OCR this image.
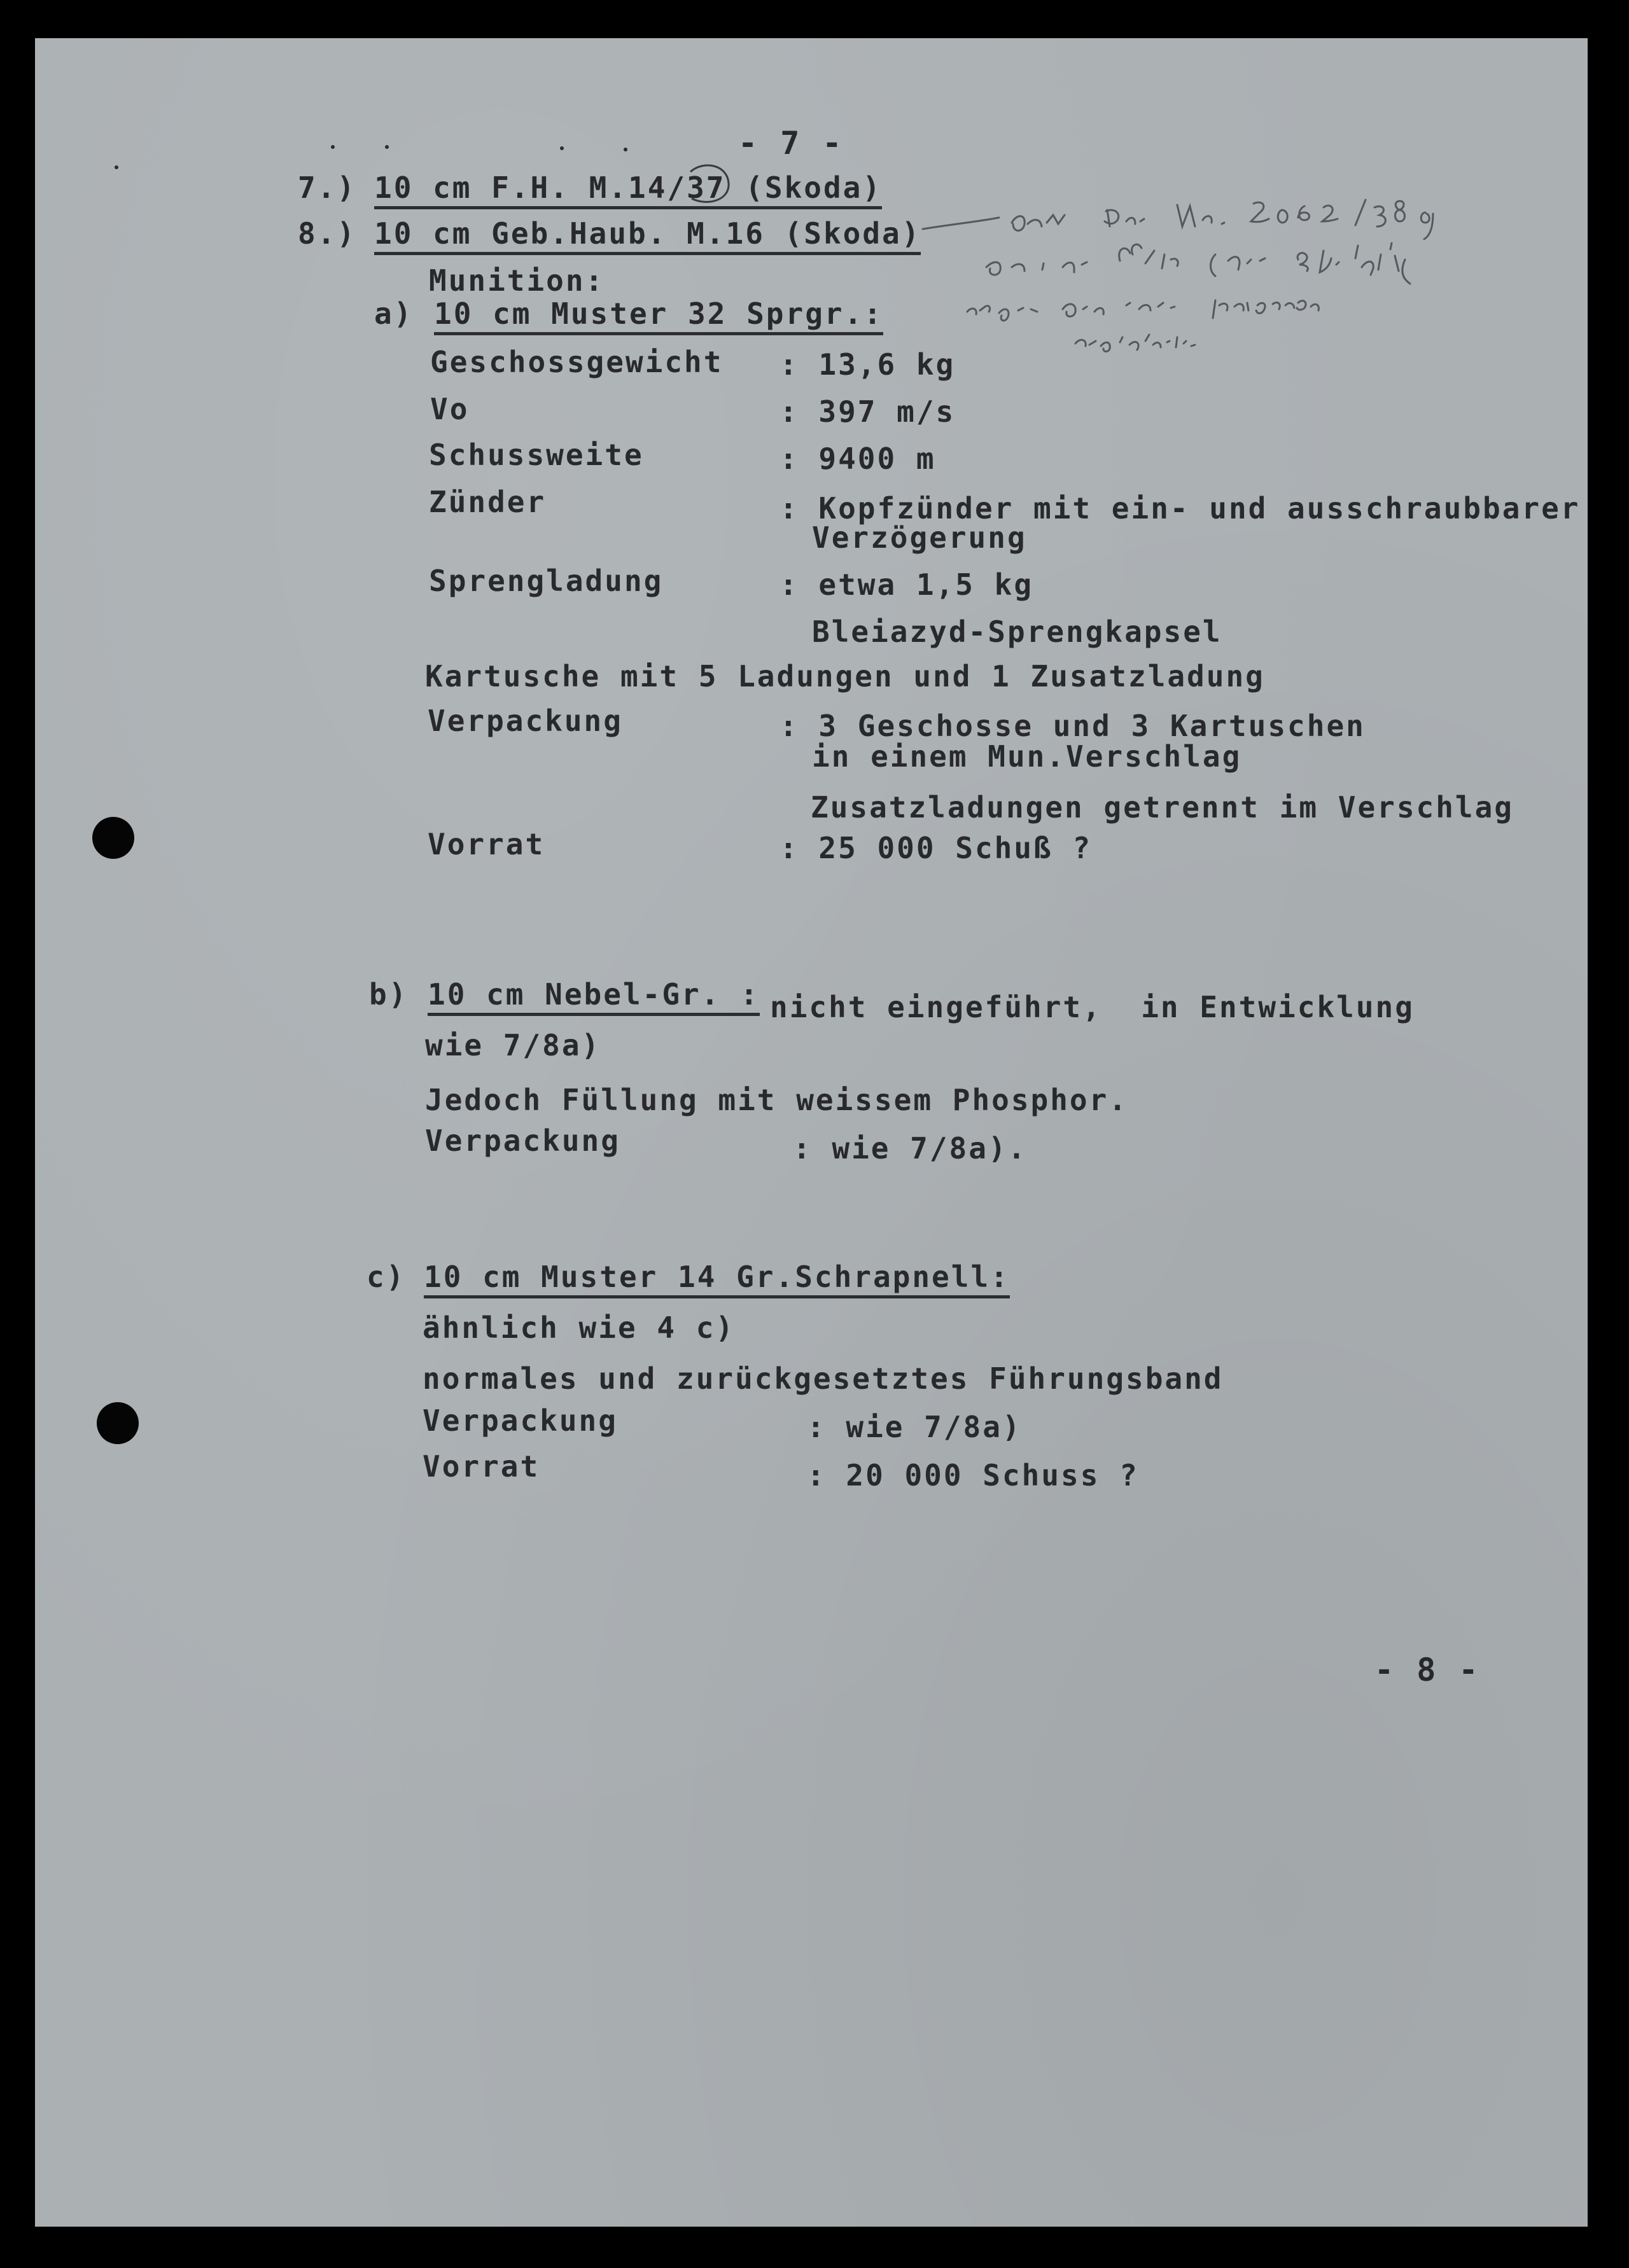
- 7 -
7.) 10 cm F.H. M.14/37 (Skoda)
8.) 10 cm Geb.Haub. M.16 (Skoda)
Munition:
a) 10 cm Muster 32 Sprgr.:
Geschossgewicht : 13,6 kg
Vo	: 397 m/s
Schussweite	: 9400 m
Zünder	: Kopfzünder mit ein- und ausschraubbarer
Verzögerung
Sprengladung	: etwa 1,5 kg
Bleiazyd-Sprengkapsel
Kartusche mit 5 Ladungen und 1 Zusatzladung
Verpackung	: 3 Geschosse und 3 Kartuschen
in einem Mun.Verschlag
Zusatzladungen getrennt im Verschlag
Vorrat	: 25 000 Schuß ?
b) 10 cm Nebel-Gr. : nicht eingeführt,  in Entwicklung
wie 7/8a)
Jedoch Füllung mit weissem Phosphor.
Verpackung	: wie 7/8a).
c) 10 cm Muster 14 Gr.Schrapnell:
ähnlich wie 4 c)
normales und zurückgesetztes Führungsband
Verpackung	: wie 7/8a)
Vorrat	: 20 000 Schuss ?
- 8 -
